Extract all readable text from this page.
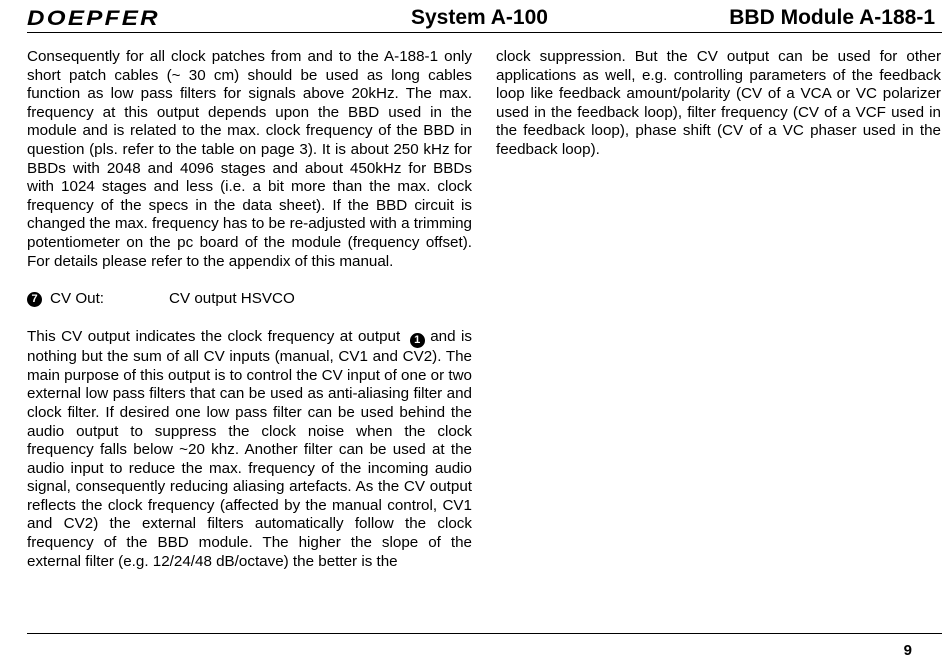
DOEPFER	System A-100	BBD Module A-188-1

Consequently for all clock patches from and to the A-188-1 only short patch cables (~ 30 cm) should be used as long cables function as low pass filters for signals above 20kHz. The max. frequency at this output depends upon the BBD used in the module and is related to the max. clock frequency of the BBD in question (pls. refer to the table on page 3). It is about 250 kHz for BBDs with 2048 and 4096 stages and about 450kHz for BBDs with 1024 stages and less (i.e. a bit more than the max. clock frequency of the specs in the data sheet). If the BBD circuit is changed the max. frequency has to be re-adjusted with a trimming potentiometer on the pc board of the module (frequency offset). For details please refer to the appendix of this manual.

7 CV Out:	CV output HSVCO

This CV output indicates the clock frequency at output 1 and is nothing but the sum of all CV inputs (manual, CV1 and CV2). The main purpose of this output is to control the CV input of one or two external low pass filters that can be used as anti-aliasing filter and clock filter. If desired one low pass filter can be used behind the audio output to suppress the clock noise when the clock frequency falls below ~20 khz. Another filter can be used at the audio input to reduce the max. frequency of the incoming audio signal, consequently reducing aliasing artefacts. As the CV output reflects the clock frequency (affected by the manual control, CV1 and CV2) the external filters automatically follow the clock frequency of the BBD module. The higher the slope of the external filter (e.g. 12/24/48 dB/octave) the better is the

clock suppression. But the CV output can be used for other applications as well, e.g. controlling parameters of the feedback loop like feedback amount/polarity (CV of a VCA or VC polarizer used in the feedback loop), filter frequency (CV of a VCF used in the feedback loop), phase shift (CV of a VC phaser used in the feedback loop).

9
